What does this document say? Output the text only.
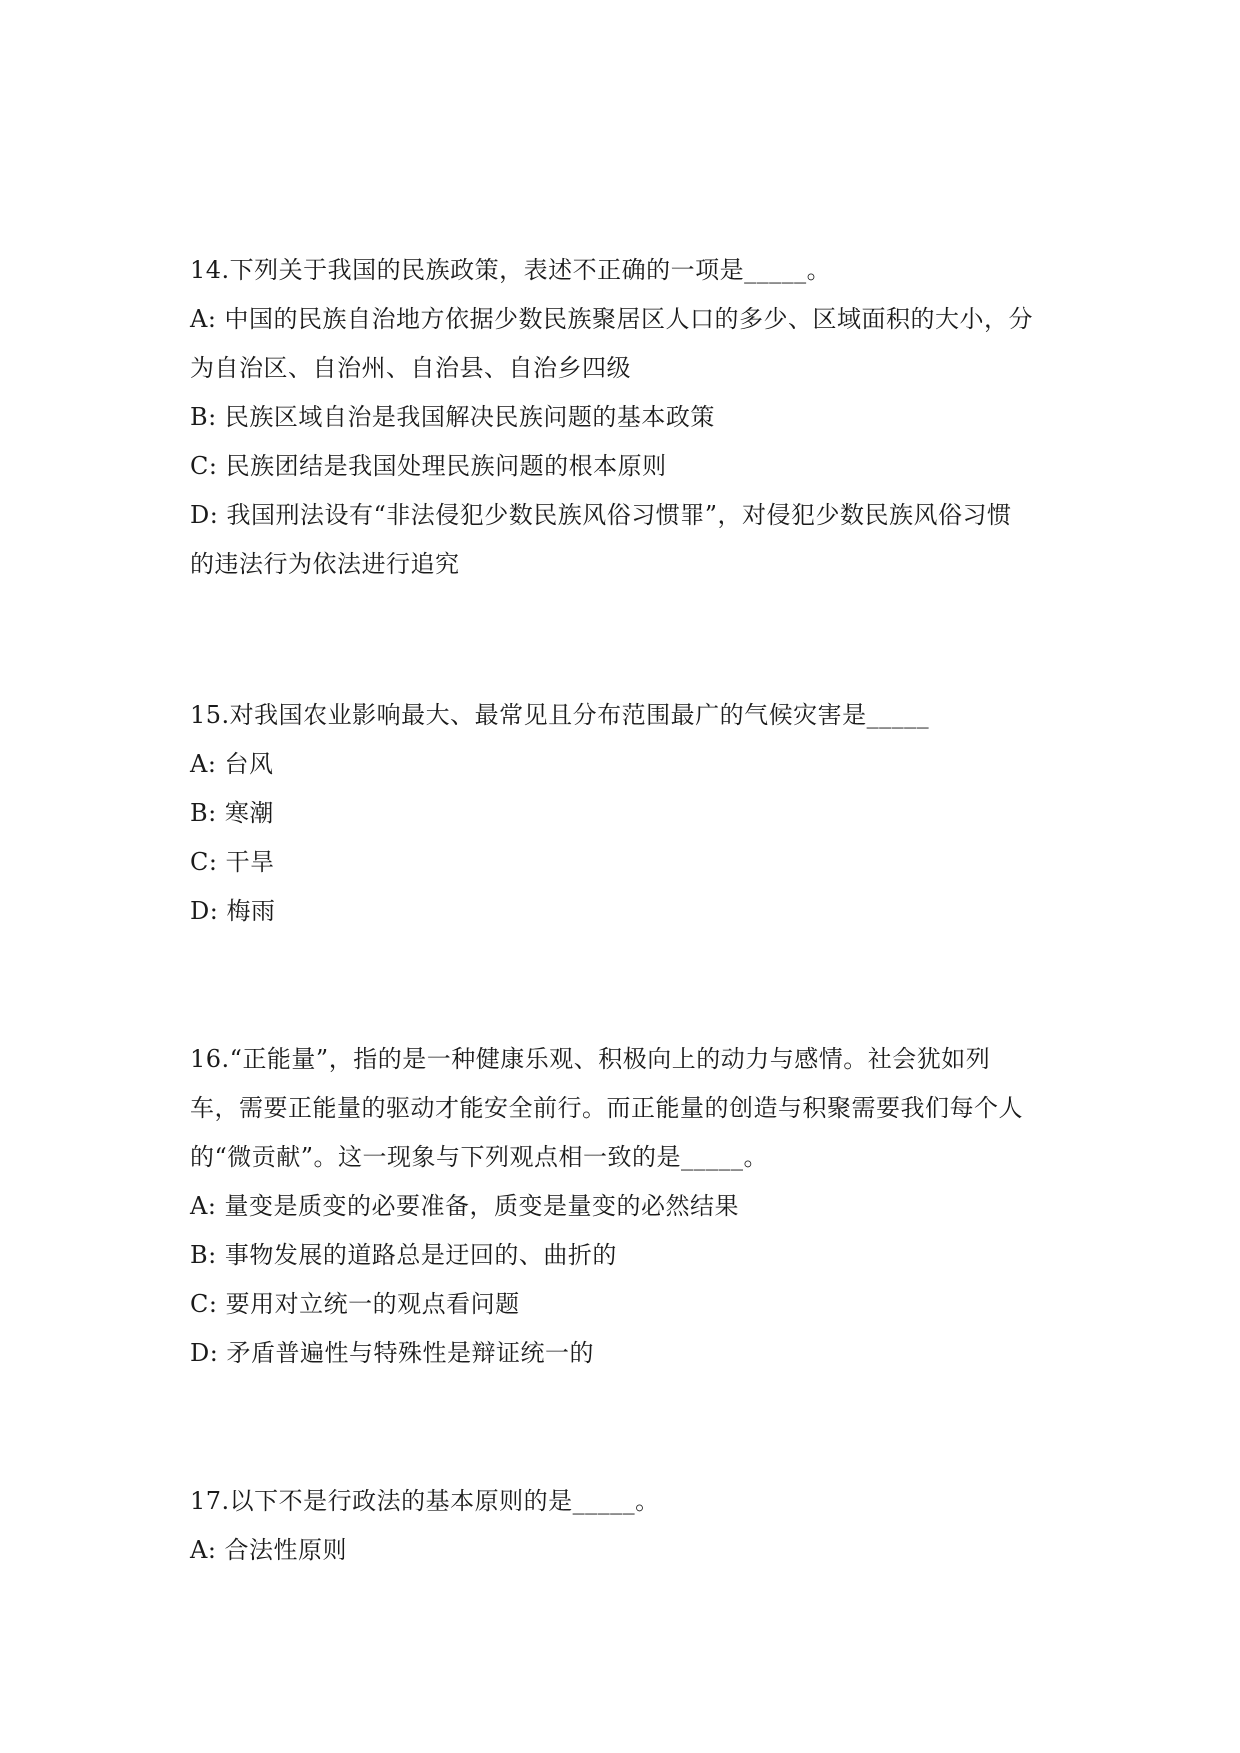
14.下列关于我国的民族政策，表述不正确的一项是_____。
A: 中国的民族自治地方依据少数民族聚居区人口的多少、区域面积的大小，分
为自治区、自治州、自治县、自治乡四级
B: 民族区域自治是我国解决民族问题的基本政策
C: 民族团结是我国处理民族问题的根本原则
D: 我国刑法设有“非法侵犯少数民族风俗习惯罪”，对侵犯少数民族风俗习惯
的违法行为依法进行追究
15.对我国农业影响最大、最常见且分布范围最广的气候灾害是_____
A: 台风
B: 寒潮
C: 干旱
D: 梅雨
16.“正能量”，指的是一种健康乐观、积极向上的动力与感情。社会犹如列
车，需要正能量的驱动才能安全前行。而正能量的创造与积聚需要我们每个人
的“微贡献”。这一现象与下列观点相一致的是_____。
A: 量变是质变的必要准备，质变是量变的必然结果
B: 事物发展的道路总是迂回的、曲折的
C: 要用对立统一的观点看问题
D: 矛盾普遍性与特殊性是辩证统一的
17.以下不是行政法的基本原则的是_____。
A: 合法性原则
